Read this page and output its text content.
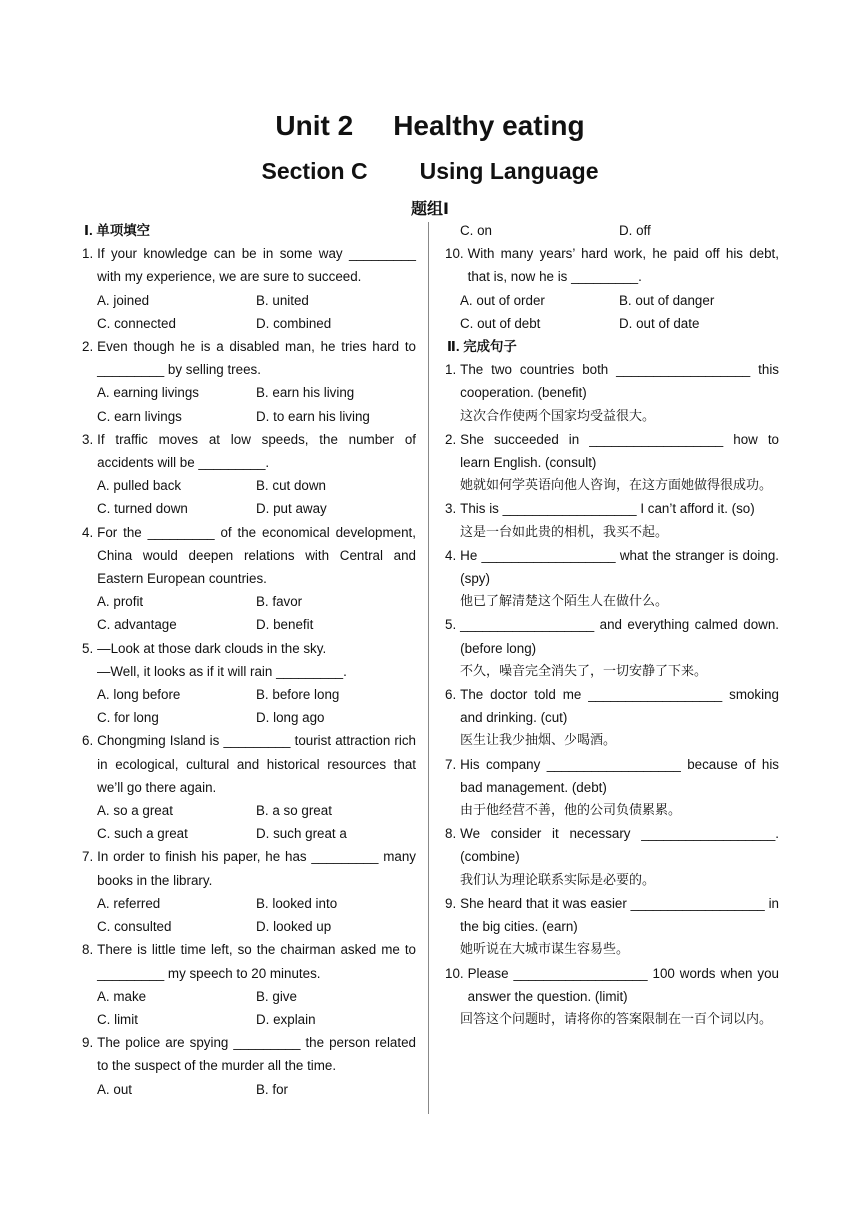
Unit 2 Healthy eating
Section C Using Language
题组Ⅰ
Ⅰ. 单项填空
1. If your knowledge can be in some way _________ with my experience, we are sure to succeed.
A. joined	B. united
C. connected	D. combined
2. Even though he is a disabled man, he tries hard to _________ by selling trees.
A. earning livings	B. earn his living
C. earn livings	D. to earn his living
3. If traffic moves at low speeds, the number of accidents will be _________.
A. pulled back	B. cut down
C. turned down	D. put away
4. For the _________ of the economical development, China would deepen relations with Central and Eastern European countries.
A. profit	B. favor
C. advantage	D. benefit
5. —Look at those dark clouds in the sky.
—Well, it looks as if it will rain _________.
A. long before	B. before long
C. for long	D. long ago
6. Chongming Island is _________ tourist attraction rich in ecological, cultural and historical resources that we’ll go there again.
A. so a great	B. a so great
C. such a great	D. such great a
7. In order to finish his paper, he has _________ many books in the library.
A. referred	B. looked into
C. consulted	D. looked up
8. There is little time left, so the chairman asked me to _________ my speech to 20 minutes.
A. make	B. give
C. limit	D. explain
9. The police are spying _________ the person related to the suspect of the murder all the time.
A. out	B. for
C. on	D. off
10. With many years’ hard work, he paid off his debt, that is, now he is _________.
A. out of order	B. out of danger
C. out of debt	D. out of date
Ⅱ. 完成句子
1. The two countries both __________________ this cooperation. (benefit)
这次合作使两个国家均受益很大。
2. She succeeded in __________________ how to learn English. (consult)
她就如何学英语向他人咨询，在这方面她做得很成功。
3. This is __________________ I can’t afford it. (so)
这是一台如此贵的相机，我买不起。
4. He __________________ what the stranger is doing. (spy)
他已了解清楚这个陌生人在做什么。
5. __________________ and everything calmed down. (before long)
不久，噪音完全消失了，一切安静了下来。
6. The doctor told me __________________ smoking and drinking. (cut)
医生让我少抽烟、少喝酒。
7. His company __________________ because of his bad management. (debt)
由于他经营不善，他的公司负债累累。
8. We consider it necessary __________________. (combine)
我们认为理论联系实际是必要的。
9. She heard that it was easier __________________ in the big cities. (earn)
她听说在大城市谋生容易些。
10. Please __________________ 100 words when you answer the question. (limit)
回答这个问题时，请将你的答案限制在一百个词以内。
